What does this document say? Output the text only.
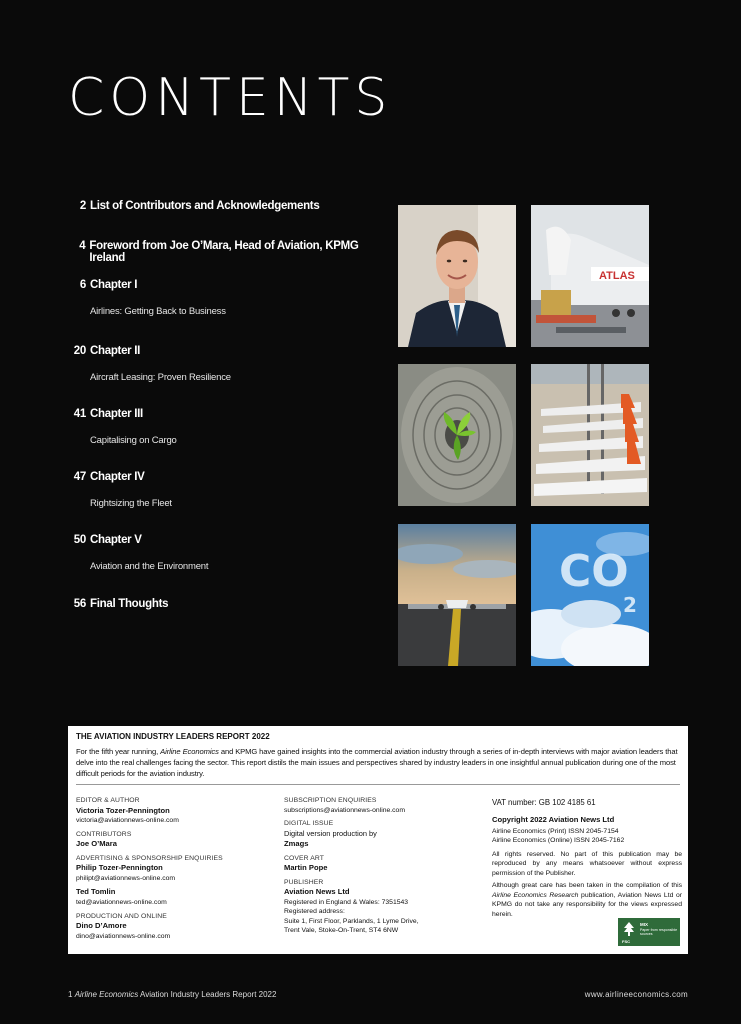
CONTENTS
2 List of Contributors and Acknowledgements
4 Foreword from Joe O’Mara, Head of Aviation, KPMG Ireland
6 Chapter I
Airlines: Getting Back to Business
20 Chapter II
Aircraft Leasing: Proven Resilience
41 Chapter III
Capitalising on Cargo
47 Chapter IV
Rightsizing the Fleet
50 Chapter V
Aviation and the Environment
56 Final Thoughts
ATLAS
CO
2

THE AVIATION INDUSTRY LEADERS REPORT 2022

For the fifth year running, Airline Economics and KPMG have gained insights into the commercial aviation industry through a series of in-depth interviews with major aviation leaders that delve into the real challenges facing the sector. This report distils the main issues and perspectives shared by industry leaders in one insightful annual publication during one of the most difficult periods for the aviation industry.

EDITOR & AUTHOR
Victoria Tozer-Pennington
victoria@aviationnews-online.com
CONTRIBUTORS
Joe O’Mara
ADVERTISING & SPONSORSHIP ENQUIRIES
Philip Tozer-Pennington
philipt@aviationnews-online.com
Ted Tomlin
ted@aviationnews-online.com
PRODUCTION AND ONLINE
Dino D’Amore
dino@aviationnews-online.com
SUBSCRIPTION ENQUIRIES
subscriptions@aviationnews-online.com
DIGITAL ISSUE
Digital version production by
Zmags
COVER ART
Martin Pope
PUBLISHER
Aviation News Ltd
Registered in England & Wales: 7351543
Registered address:
Suite 1, First Floor, Parklands, 1 Lyme Drive,
Trent Vale, Stoke-On-Trent, ST4 6NW

VAT number: GB 102 4185 61

Copyright 2022 Aviation News Ltd

Airline Economics (Print) ISSN 2045-7154

Airline Economics (Online) ISSN 2045-7162

All rights reserved. No part of this publication may be reproduced by any means whatsoever without express permission of the Publisher.

Although great care has been taken in the compilation of this Airline Economics Research publication, Aviation News Ltd or KPMG do not take any responsibility for the views expressed herein.

MIX
Paper from responsible sources
FSC
1 Airline Economics Aviation Industry Leaders Report 2022	www.airlineeconomics.com
